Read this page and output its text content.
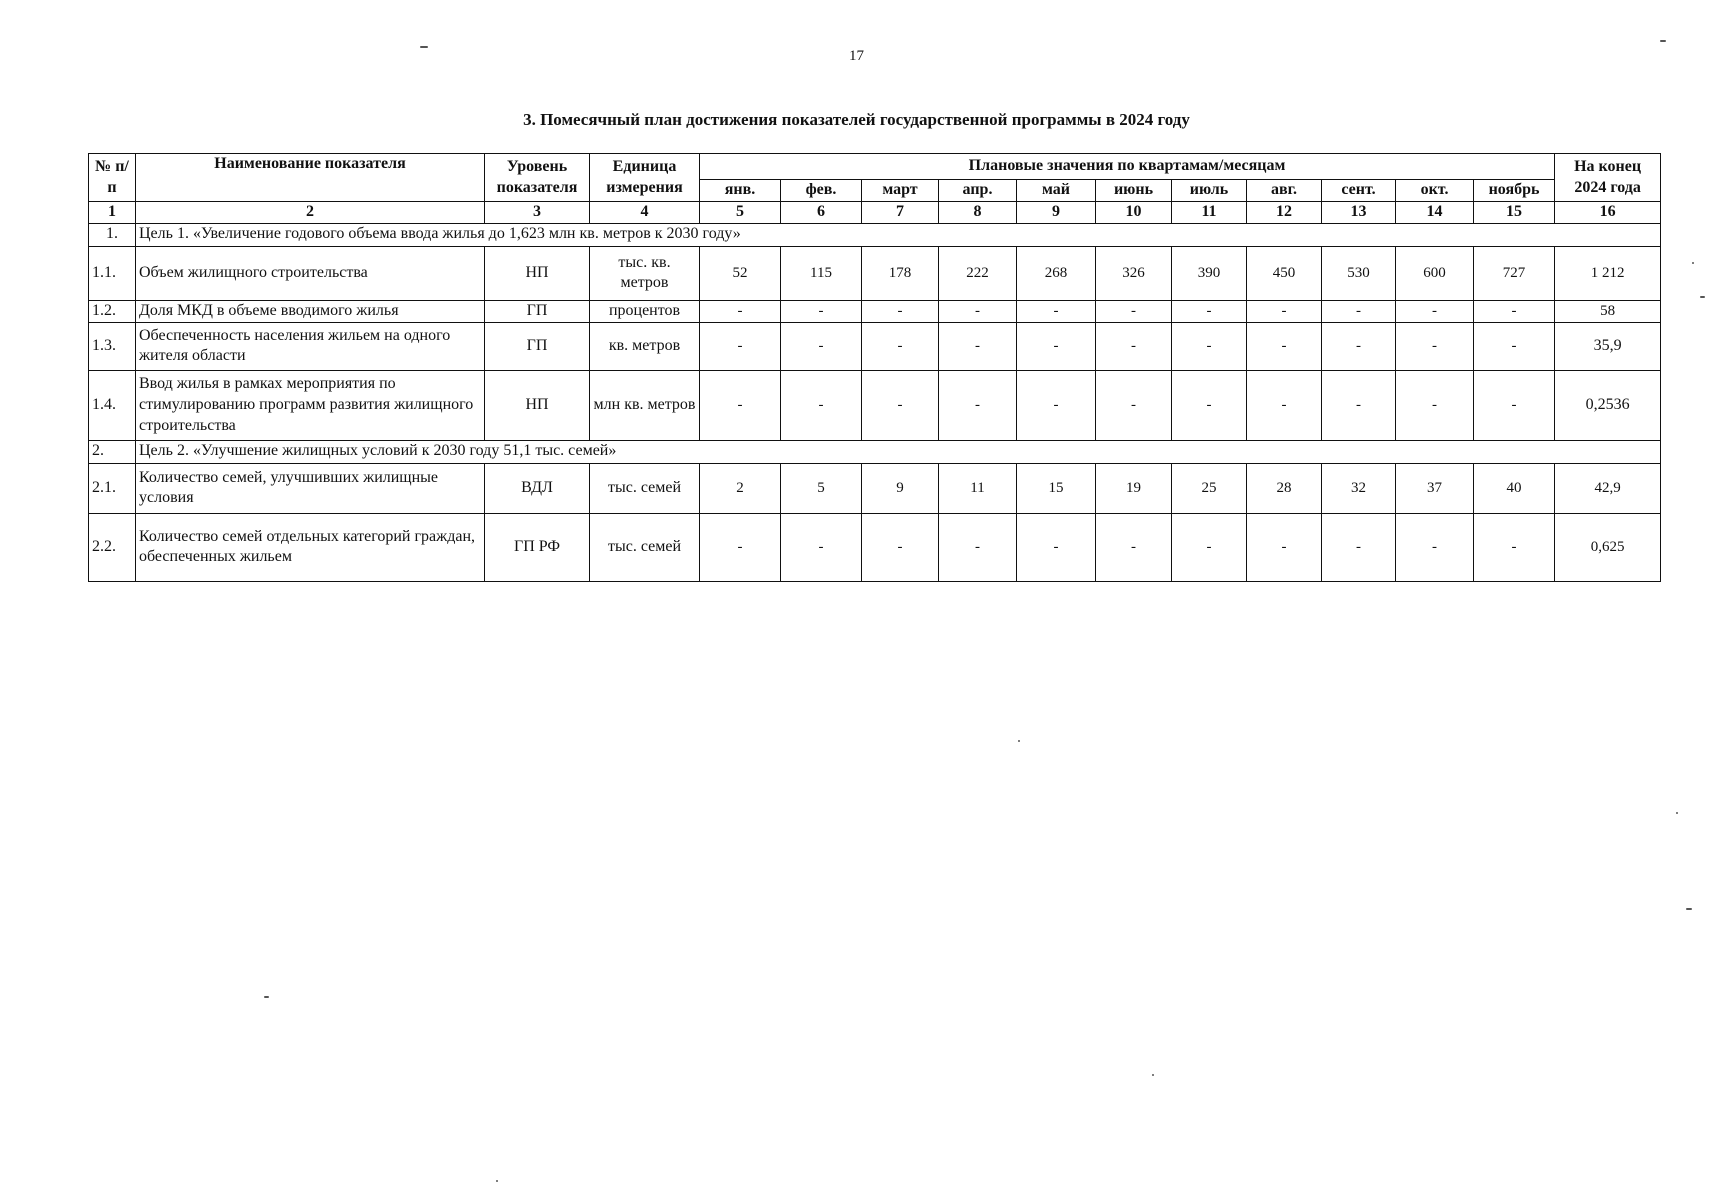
17
3. Помесячный план достижения показателей государственной программы в 2024 году
№ п/п	Наименование показателя	Уровень показателя	Единица измерения	Плановые значения по квартамам/месяцам											На конец 2024 года
				янв.	фев.	март	апр.	май	июнь	июль	авг.	сент.	окт.	ноябрь	
1	2	3	4	5	6	7	8	9	10	11	12	13	14	15	16
1.	Цель 1. «Увеличение годового объема ввода жилья до 1,623 млн кв. метров к 2030 году»														
1.1.	Объем жилищного строительства	НП	тыс. кв. метров	52	115	178	222	268	326	390	450	530	600	727	1 212
1.2.	Доля МКД в объеме вводимого жилья	ГП	процентов	-	-	-	-	-	-	-	-	-	-	-	58
1.3.	Обеспеченность населения жильем на одного жителя области	ГП	кв. метров	-	-	-	-	-	-	-	-	-	-	-	35,9
1.4.	Ввод жилья в рамках мероприятия по стимулированию программ развития жилищного строительства	НП	млн кв. метров	-	-	-	-	-	-	-	-	-	-	-	0,2536
2.	Цель 2. «Улучшение жилищных условий к 2030 году 51,1 тыс. семей»														
2.1.	Количество семей, улучшивших жилищные условия	ВДЛ	тыс. семей	2	5	9	11	15	19	25	28	32	37	40	42,9
2.2.	Количество семей отдельных категорий граждан, обеспеченных жильем	ГП РФ	тыс. семей	-	-	-	-	-	-	-	-	-	-	-	0,625
